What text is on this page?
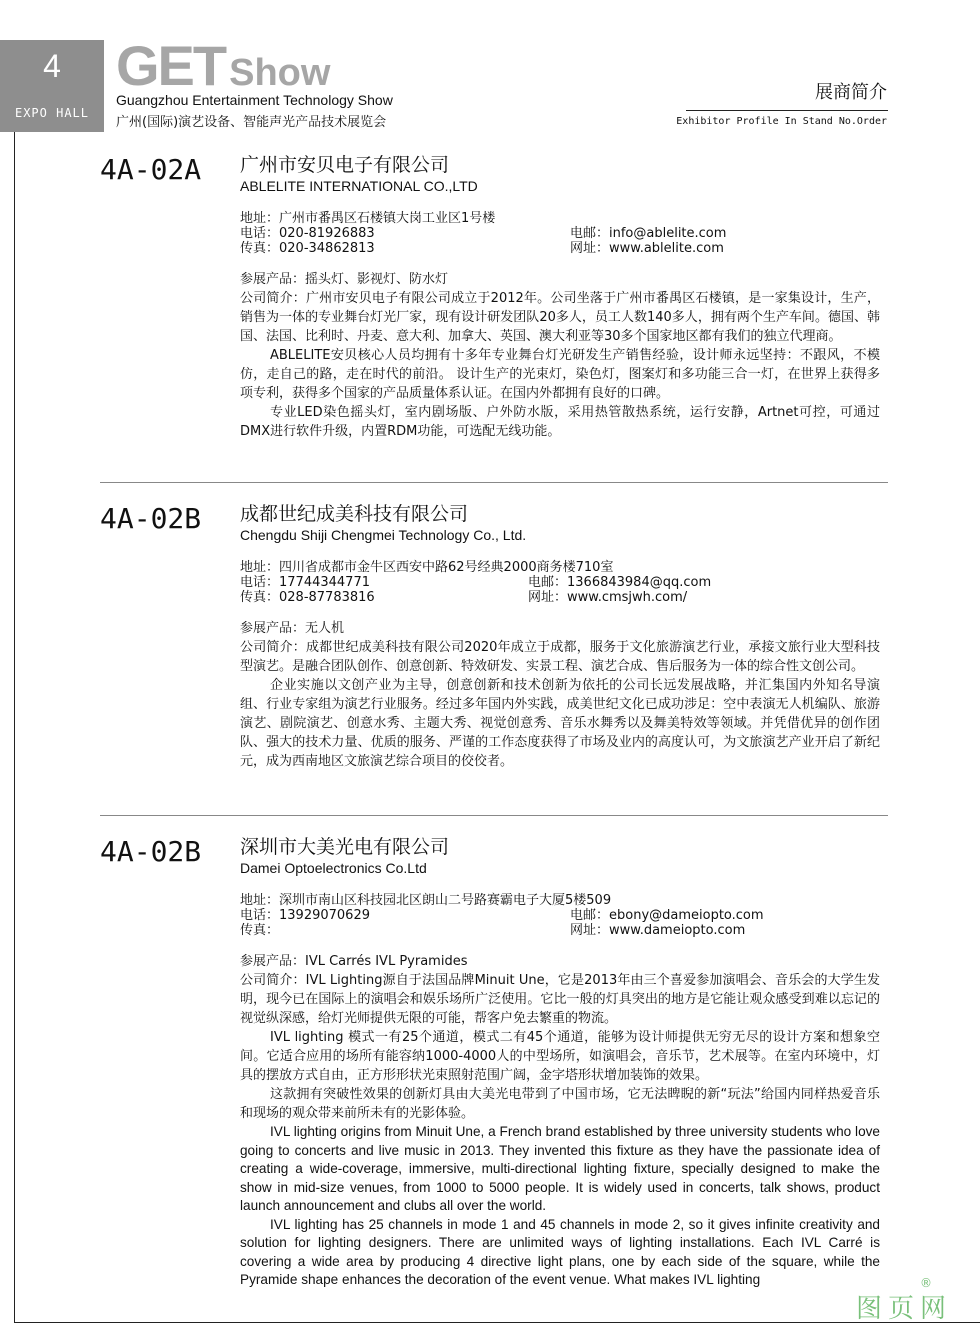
4
EXPO HALL
GET Show
Guangzhou Entertainment Technology Show
广州(国际)演艺设备、智能声光产品技术展览会
展商简介
Exhibitor Profile In Stand No.Order
4A-02A 广州市安贝电子有限公司
ABLELITE INTERNATIONAL CO.,LTD
地址：广州市番禺区石楼镇大岗工业区1号楼
电话：020-81926883	电邮：info@ablelite.com
传真：020-34862813	网址：www.ablelite.com
参展产品：摇头灯、影视灯、防水灯
公司简介：广州市安贝电子有限公司成立于2012年。公司坐落于广州市番禺区石楼镇，是一家集设计，生产，销售为一体的专业舞台灯光厂家，现有设计研发团队20多人，员工人数140多人，拥有两个生产车间。德国、韩国、法国、比利时、丹麦、意大利、加拿大、英国、澳大利亚等30多个国家地区都有我们的独立代理商。
ABLELITE安贝核心人员均拥有十多年专业舞台灯光研发生产销售经验，设计师永远坚持：不跟风，不模仿，走自己的路，走在时代的前沿。 设计生产的光束灯，染色灯，图案灯和多功能三合一灯，在世界上获得多项专利，获得多个国家的产品质量体系认证。在国内外都拥有良好的口碑。
专业LED染色摇头灯，室内剧场版、户外防水版，采用热管散热系统，运行安静，Artnet可控，可通过DMX进行软件升级，内置RDM功能，可选配无线功能。
4A-02B 成都世纪成美科技有限公司
Chengdu Shiji Chengmei Technology Co., Ltd.
地址：四川省成都市金牛区西安中路62号经典2000商务楼710室
电话：17744344771	电邮：1366843984@qq.com
传真：028-87783816	网址：www.cmsjwh.com/
参展产品：无人机
公司简介：成都世纪成美科技有限公司2020年成立于成都，服务于文化旅游演艺行业，承接文旅行业大型科技型演艺。是融合团队创作、创意创新、特效研发、实景工程、演艺合成、售后服务为一体的综合性文创公司。
企业实施以文创产业为主导，创意创新和技术创新为依托的公司长远发展战略，并汇集国内外知名导演组、行业专家组为演艺行业服务。经过多年国内外实践，成美世纪文化已成功涉足：空中表演无人机编队、旅游演艺、剧院演艺、创意水秀、主题大秀、视觉创意秀、音乐水舞秀以及舞美特效等领域。并凭借优异的创作团队、强大的技术力量、优质的服务、严谨的工作态度获得了市场及业内的高度认可，为文旅演艺产业开启了新纪元，成为西南地区文旅演艺综合项目的佼佼者。
4A-02B 深圳市大美光电有限公司
Damei Optoelectronics Co.Ltd
地址：深圳市南山区科技园北区朗山二号路赛霸电子大厦5楼509
电话：13929070629	电邮：ebony@dameiopto.com
传真：	网址：www.dameiopto.com
参展产品：IVL Carrés IVL Pyramides
公司简介：IVL Lighting源自于法国品牌Minuit Une，它是2013年由三个喜爱参加演唱会、音乐会的大学生发明，现今已在国际上的演唱会和娱乐场所广泛使用。它比一般的灯具突出的地方是它能让观众感受到难以忘记的视觉纵深感，给灯光师提供无限的可能，帮客户免去繁重的物流。
IVL lighting 模式一有25个通道，模式二有45个通道，能够为设计师提供无穷无尽的设计方案和想象空间。它适合应用的场所有能容纳1000-4000人的中型场所，如演唱会，音乐节，艺术展等。在室内环境中，灯具的摆放方式自由，正方形形状光束照射范围广阔，金字塔形状增加装饰的效果。
这款拥有突破性效果的创新灯具由大美光电带到了中国市场，它无法睥睨的新“玩法”给国内同样热爱音乐和现场的观众带来前所未有的光影体验。
IVL lighting origins from Minuit Une, a French brand established by three university students who love going to concerts and live music in 2013. They invented this fixture as they have the passionate idea of creating a wide-coverage, immersive, multi-directional lighting fixture, specially designed to make the show in mid-size venues, from 1000 to 5000 people. It is widely used in concerts, talk shows, product launch announcement and clubs all over the world.
IVL lighting has 25 channels in mode 1 and 45 channels in mode 2, so it gives infinite creativity and solution for lighting designers. There are unlimited ways of lighting installations. Each IVL Carré is covering a wide area by producing 4 directive light plans, one by each side of the square, while the Pyramide shape enhances the decoration of the event venue. What makes IVL lighting
图页网
®
